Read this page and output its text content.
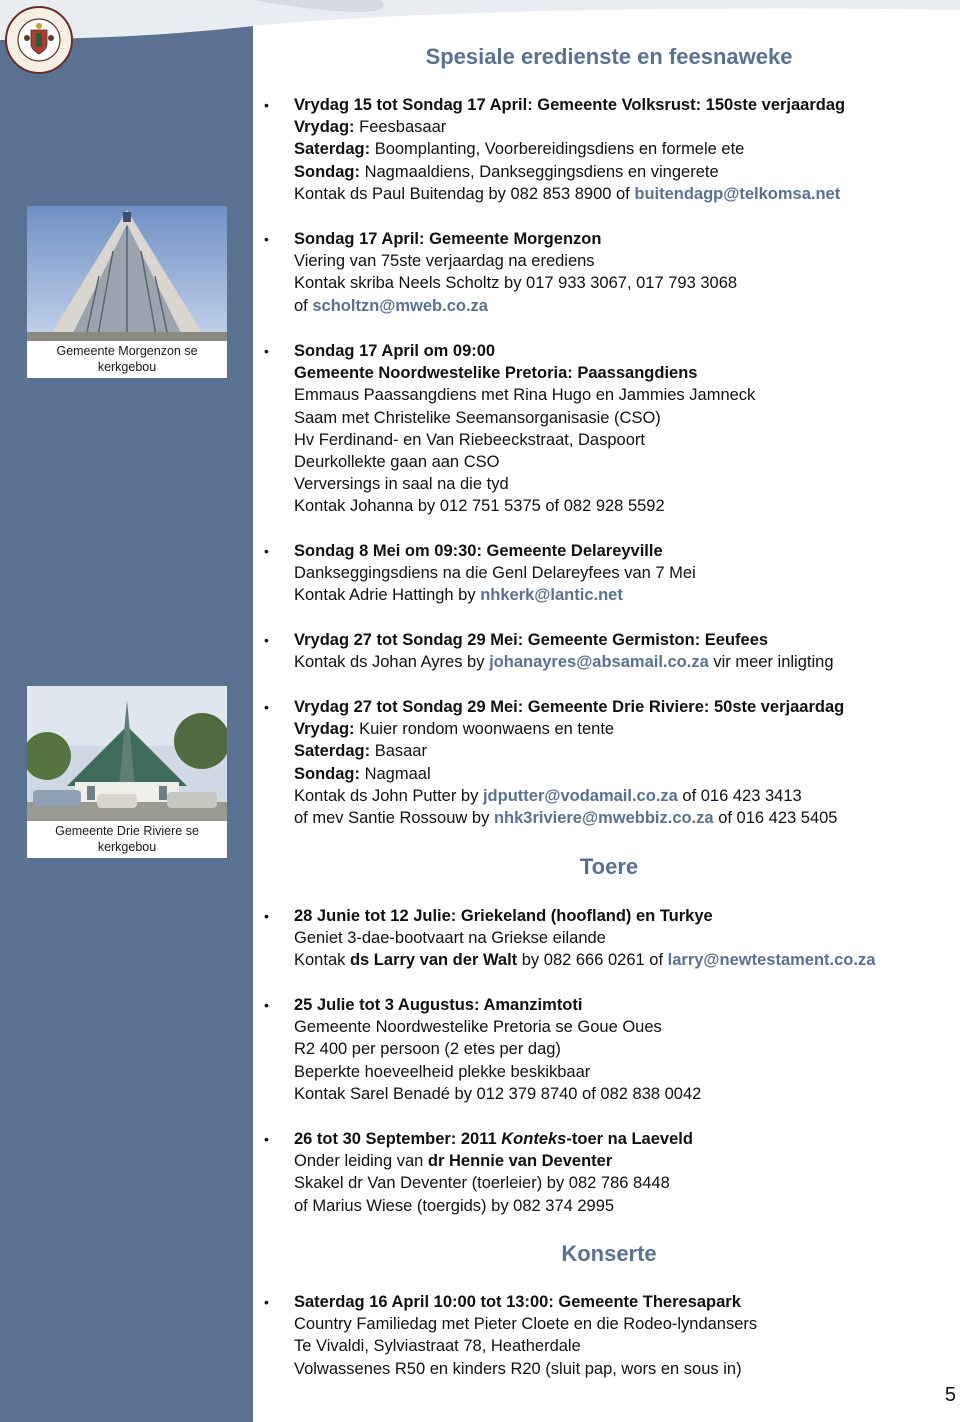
Gemeente Morgenzon se kerkgebou
Gemeente Drie Riviere se kerkgebou
Spesiale eredienste en feesnaweke
•	Vrydag 15 tot Sondag 17 April: Gemeente Volksrust: 150ste verjaardag
Vrydag: Feesbasaar
Saterdag: Boomplanting, Voorbereidingsdiens en formele ete
Sondag: Nagmaaldiens, Dankseggingsdiens en vingerete
Kontak ds Paul Buitendag by 082 853 8900 of buitendagp@telkomsa.net
•	Sondag 17 April: Gemeente Morgenzon
Viering van 75ste verjaardag na erediens
Kontak skriba Neels Scholtz by 017 933 3067, 017 793 3068
of scholtzn@mweb.co.za
•	Sondag 17 April om 09:00
Gemeente Noordwestelike Pretoria: Paassangdiens
Emmaus Paassangdiens met Rina Hugo en Jammies Jamneck
Saam met Christelike Seemansorganisasie (CSO)
Hv Ferdinand- en Van Riebeeckstraat, Daspoort
Deurkollekte gaan aan CSO
Verversings in saal na die tyd
Kontak Johanna by 012 751 5375 of 082 928 5592
•	Sondag 8 Mei om 09:30: Gemeente Delareyville
Dankseggingsdiens na die Genl Delareyfees van 7 Mei
Kontak Adrie Hattingh by nhkerk@lantic.net
•	Vrydag 27 tot Sondag 29 Mei: Gemeente Germiston: Eeufees
Kontak ds Johan Ayres by johanayres@absamail.co.za vir meer inligting
•	Vrydag 27 tot Sondag 29 Mei: Gemeente Drie Riviere: 50ste verjaardag
Vrydag: Kuier rondom woonwaens en tente
Saterdag: Basaar
Sondag: Nagmaal
Kontak ds John Putter by jdputter@vodamail.co.za of 016 423 3413
of mev Santie Rossouw by nhk3riviere@mwebbiz.co.za of 016 423 5405
Toere
•	28 Junie tot 12 Julie: Griekeland (hoofland) en Turkye
Geniet 3-dae-bootvaart na Griekse eilande
Kontak ds Larry van der Walt by 082 666 0261 of larry@newtestament.co.za
•	25 Julie tot 3 Augustus: Amanzimtoti
Gemeente Noordwestelike Pretoria se Goue Oues
R2 400 per persoon (2 etes per dag)
Beperkte hoeveelheid plekke beskikbaar
Kontak Sarel Benadé by 012 379 8740 of 082 838 0042
•	26 tot 30 September: 2011 Konteks-toer na Laeveld
Onder leiding van dr Hennie van Deventer
Skakel dr Van Deventer (toerleier) by 082 786 8448
of Marius Wiese (toergids) by 082 374 2995
Konserte
•	Saterdag 16 April 10:00 tot 13:00: Gemeente Theresapark
Country Familiedag met Pieter Cloete en die Rodeo-lyndansers
Te Vivaldi, Sylviastraat 78, Heatherdale
Volwassenes R50 en kinders R20 (sluit pap, wors en sous in)
5
